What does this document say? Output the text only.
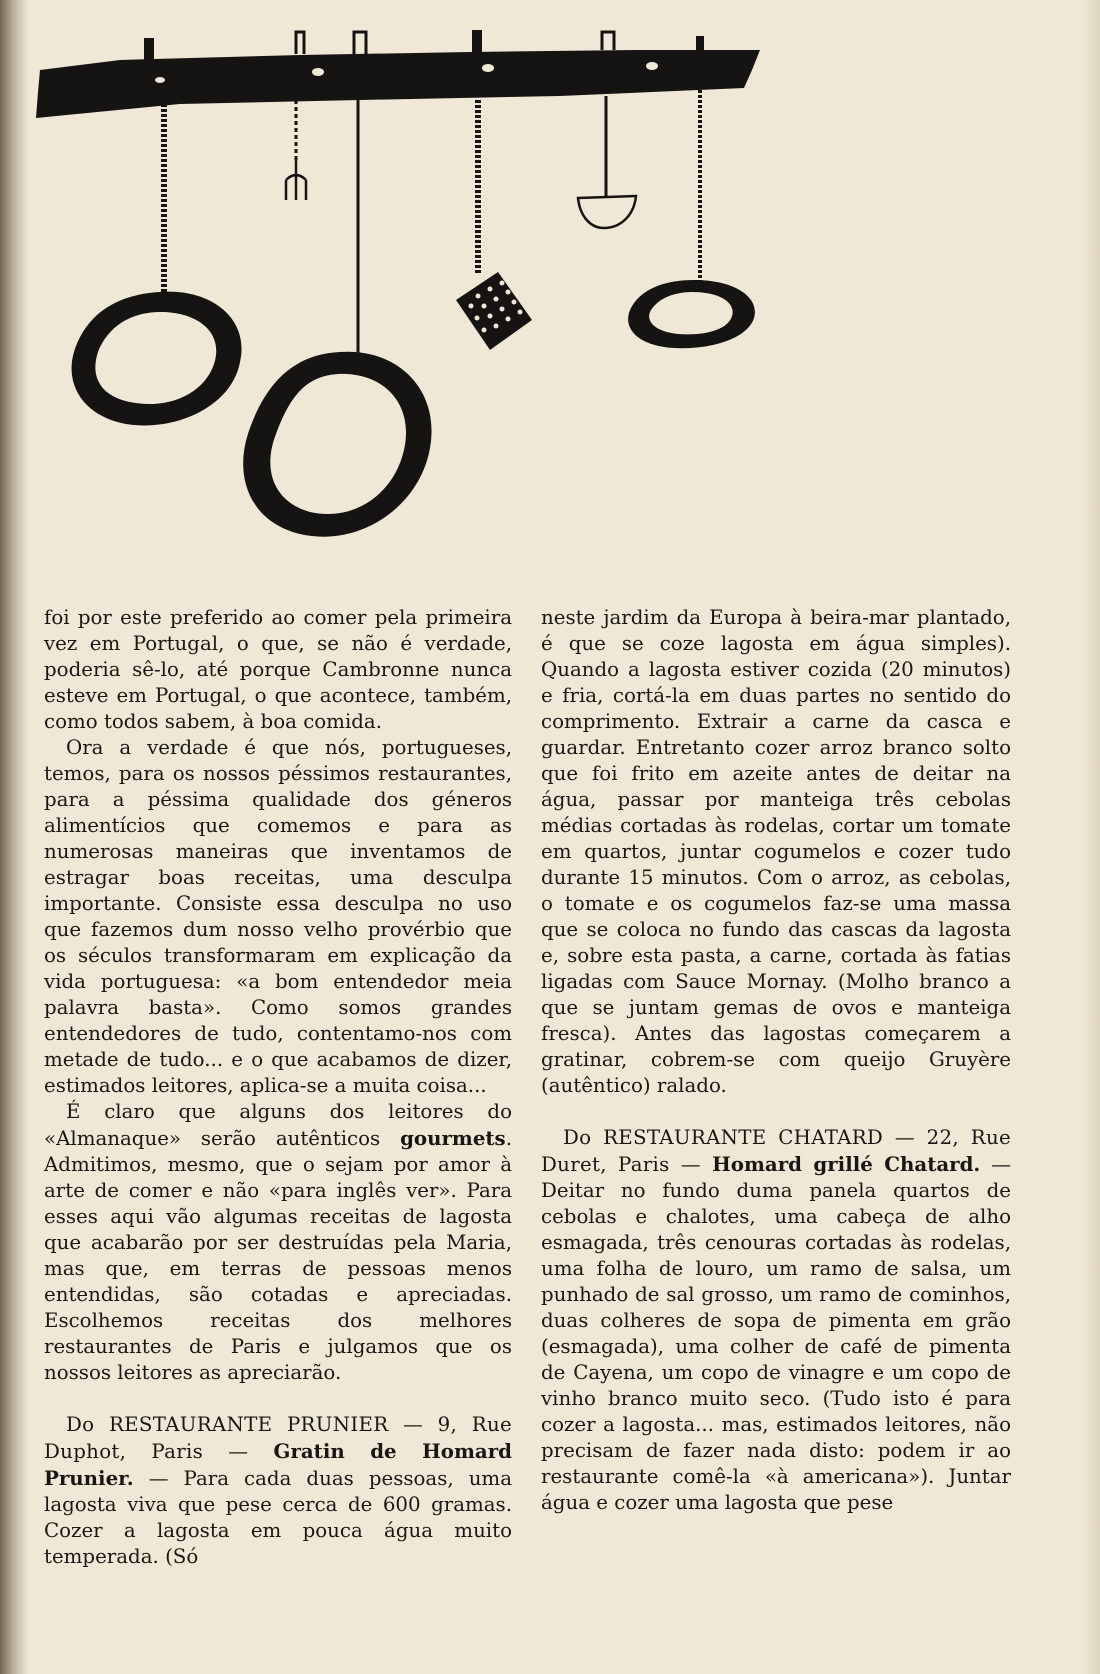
foi por este preferido ao comer pela primeira vez em Portugal, o que, se não é verdade, poderia sê-lo, até porque Cambronne nunca esteve em Portugal, o que acontece, também, como todos sabem, à boa comida.

Ora a verdade é que nós, portugueses, temos, para os nossos péssimos restaurantes, para a péssima qualidade dos géneros alimentícios que comemos e para as numerosas maneiras que inventamos de estragar boas receitas, uma desculpa importante. Consiste essa desculpa no uso que fazemos dum nosso velho provérbio que os séculos transformaram em explicação da vida portuguesa: «a bom entendedor meia palavra basta». Como somos grandes entendedores de tudo, contentamo-nos com metade de tudo... e o que acabamos de dizer, estimados leitores, aplica-se a muita coisa...

É claro que alguns dos leitores do «Almanaque» serão autênticos gourmets. Admitimos, mesmo, que o sejam por amor à arte de comer e não «para inglês ver». Para esses aqui vão algumas receitas de lagosta que acabarão por ser destruídas pela Maria, mas que, em terras de pessoas menos entendidas, são cotadas e apreciadas. Escolhemos receitas dos melhores restaurantes de Paris e julgamos que os nossos leitores as apreciarão.

Do RESTAURANTE PRUNIER — 9, Rue Duphot, Paris — Gratin de Homard Prunier. — Para cada duas pessoas, uma lagosta viva que pese cerca de 600 gramas. Cozer a lagosta em pouca água muito temperada. (Só

neste jardim da Europa à beira-mar plantado, é que se coze lagosta em água simples). Quando a lagosta estiver cozida (20 minutos) e fria, cortá-la em duas partes no sentido do comprimento. Extrair a carne da casca e guardar. Entretanto cozer arroz branco solto que foi frito em azeite antes de deitar na água, passar por manteiga três cebolas médias cortadas às rodelas, cortar um tomate em quartos, juntar cogumelos e cozer tudo durante 15 minutos. Com o arroz, as cebolas, o tomate e os cogumelos faz-se uma massa que se coloca no fundo das cascas da lagosta e, sobre esta pasta, a carne, cortada às fatias ligadas com Sauce Mornay. (Molho branco a que se juntam gemas de ovos e manteiga fresca). Antes das lagostas começarem a gratinar, cobrem-se com queijo Gruyère (autêntico) ralado.

Do RESTAURANTE CHATARD — 22, Rue Duret, Paris — Homard grillé Chatard. — Deitar no fundo duma panela quartos de cebolas e chalotes, uma cabeça de alho esmagada, três cenouras cortadas às rodelas, uma folha de louro, um ramo de salsa, um punhado de sal grosso, um ramo de cominhos, duas colheres de sopa de pimenta em grão (esmagada), uma colher de café de pimenta de Cayena, um copo de vinagre e um copo de vinho branco muito seco. (Tudo isto é para cozer a lagosta... mas, estimados leitores, não precisam de fazer nada disto: podem ir ao restaurante comê-la «à americana»). Juntar água e cozer uma lagosta que pese
